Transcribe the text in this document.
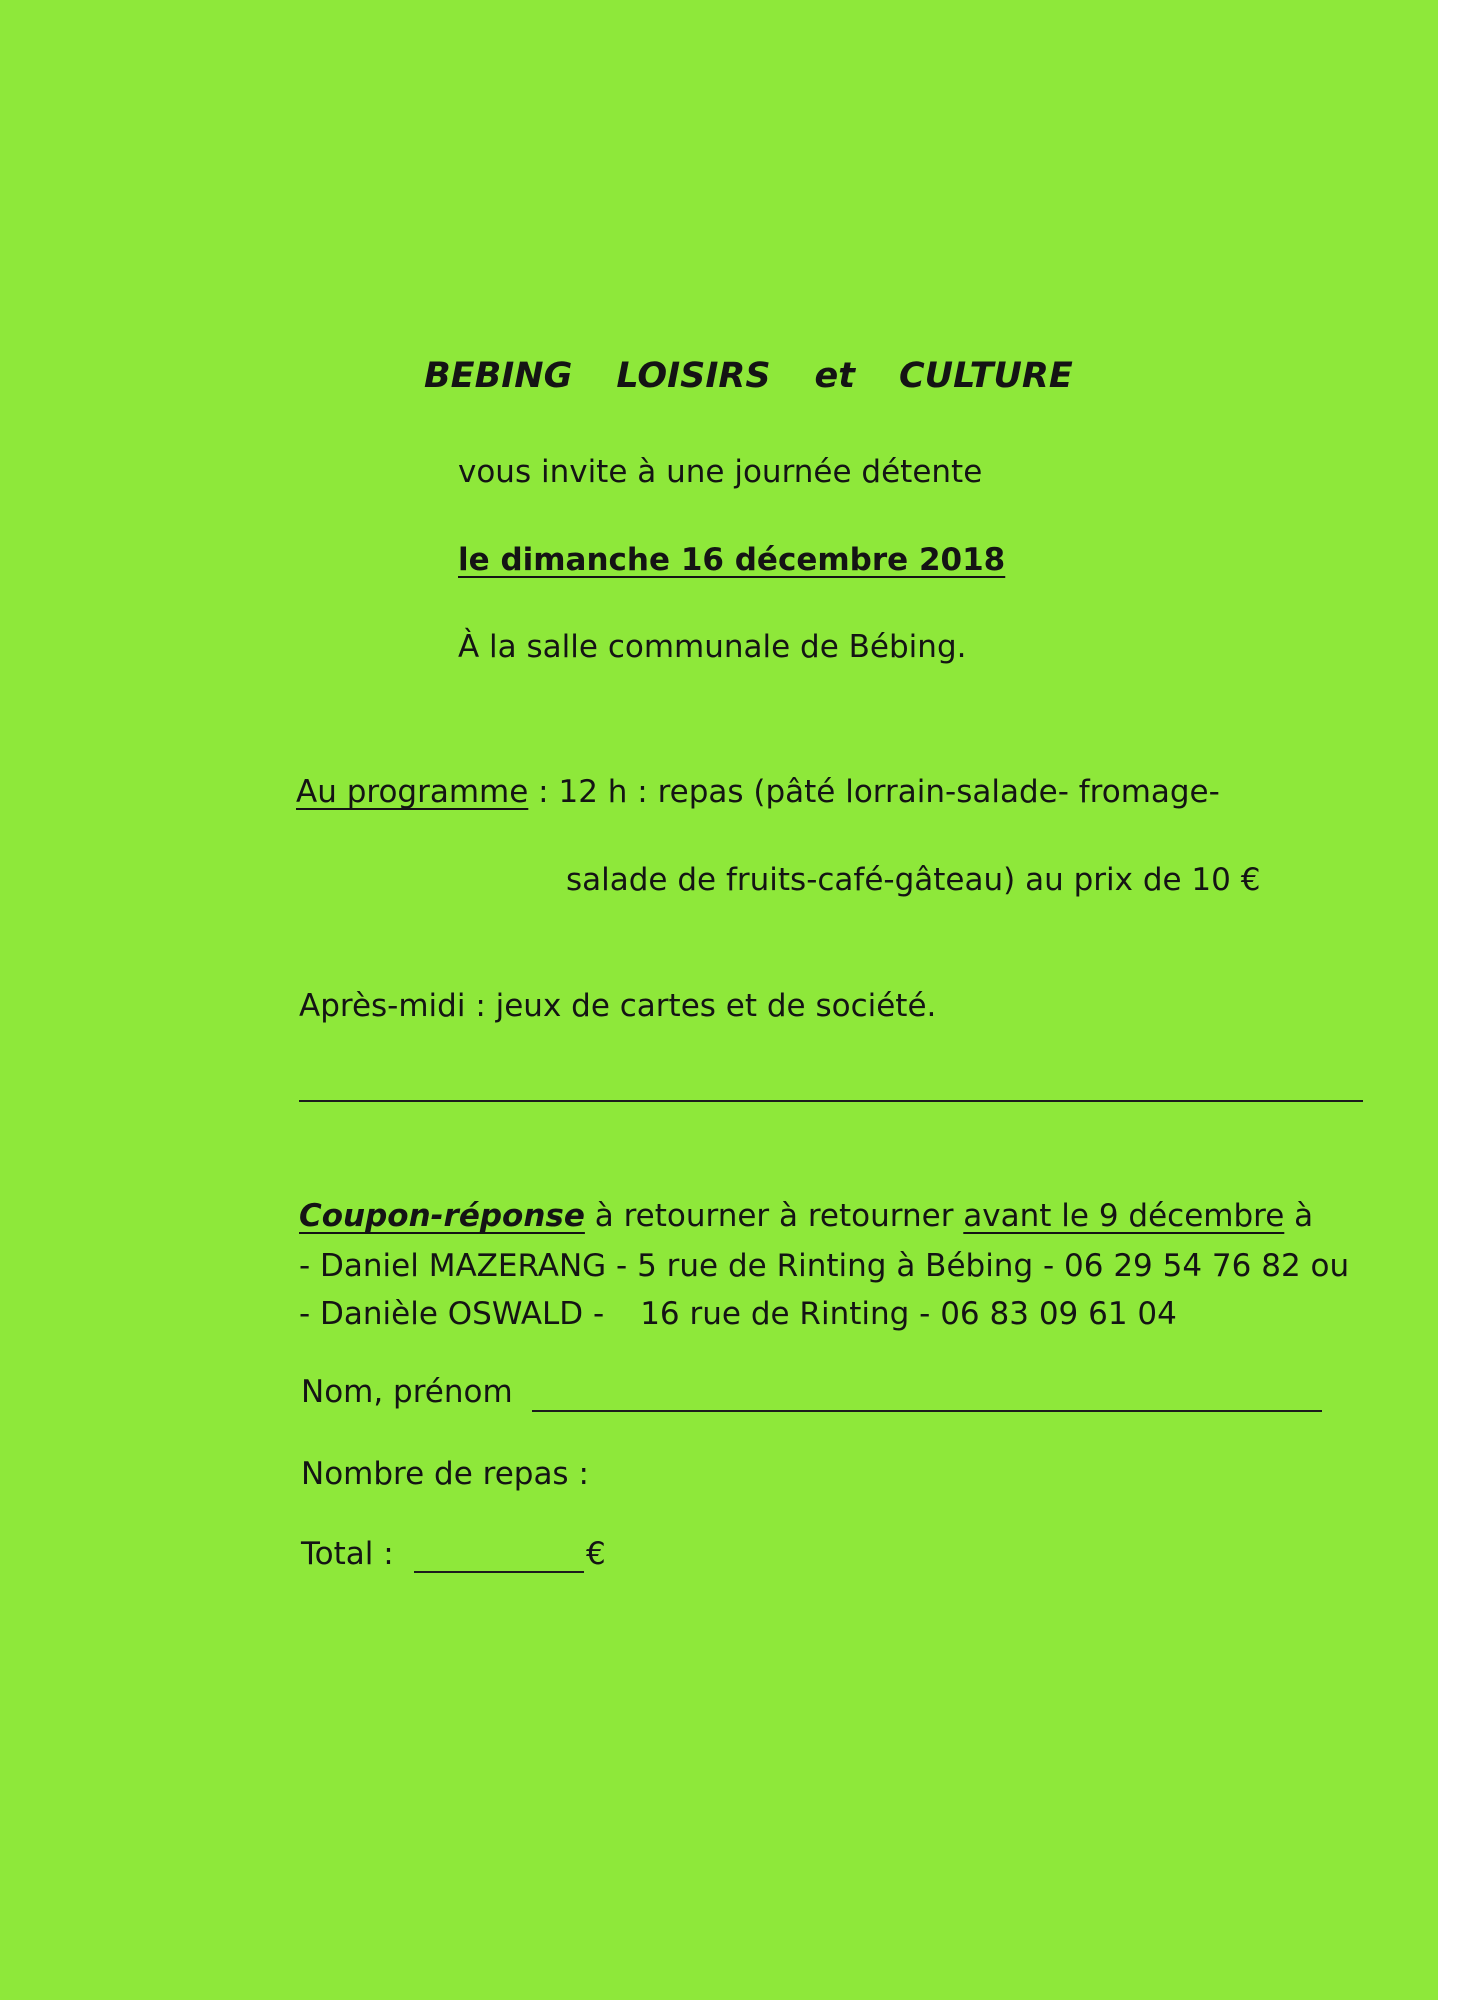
BEBING LOISIRS et CULTURE
vous invite à une journée détente
le dimanche 16 décembre 2018
À la salle communale de Bébing.
Au programme : 12 h : repas (pâté lorrain-salade- fromage-
salade de fruits-café-gâteau) au prix de 10 €
Après-midi : jeux de cartes et de société.
Coupon-réponse à retourner à retourner avant le 9 décembre à
- Daniel MAZERANG - 5 rue de Rinting à Bébing - 06 29 54 76 82 ou
- Danièle OSWALD - 16 rue de Rinting - 06 83 09 61 04
Nom, prénom
Nombre de repas :
Total :	€
